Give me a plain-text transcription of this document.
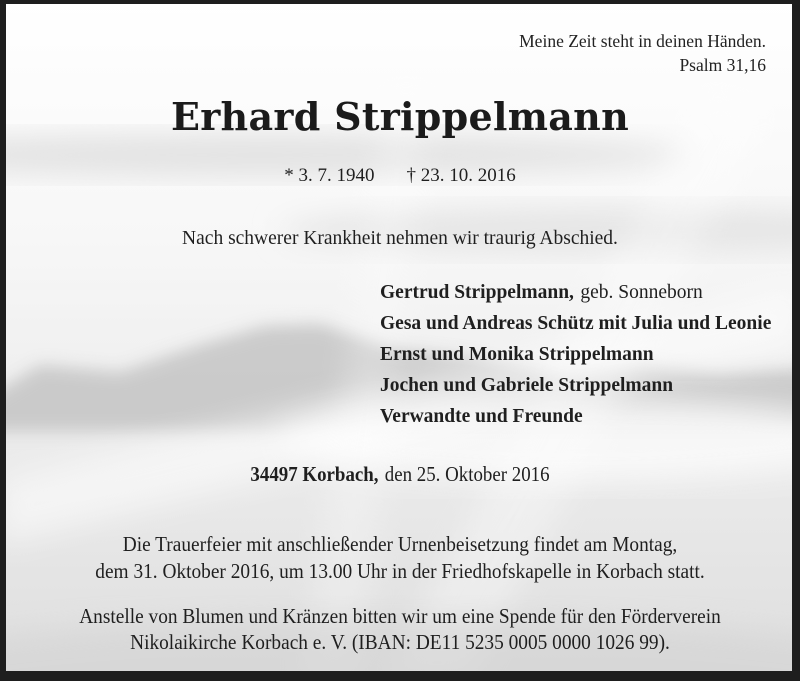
Meine Zeit steht in deinen Händen.
Psalm 31,16
Erhard Strippelmann
* 3. 7. 1940 † 23. 10. 2016
Nach schwerer Krankheit nehmen wir traurig Abschied.
Gertrud Strippelmann, geb. Sonneborn
Gesa und Andreas Schütz mit Julia und Leonie
Ernst und Monika Strippelmann
Jochen und Gabriele Strippelmann
Verwandte und Freunde
34497 Korbach, den 25. Oktober 2016
Die Trauerfeier mit anschließender Urnenbeisetzung findet am Montag,
dem 31. Oktober 2016, um 13.00 Uhr in der Friedhofskapelle in Korbach statt.
Anstelle von Blumen und Kränzen bitten wir um eine Spende für den Förderverein
Nikolaikirche Korbach e. V. (IBAN: DE11 5235 0005 0000 1026 99).
